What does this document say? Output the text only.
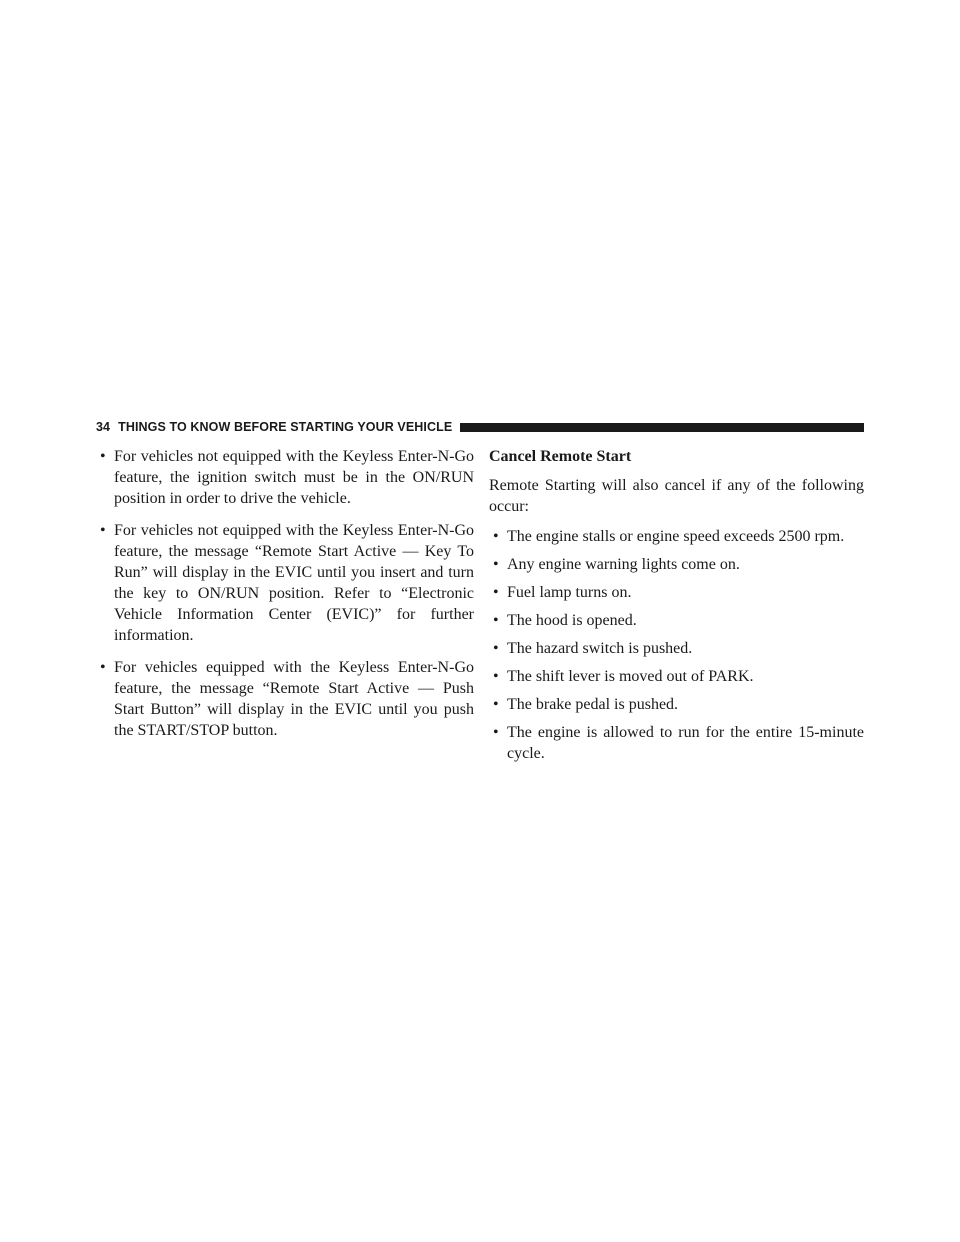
34 THINGS TO KNOW BEFORE STARTING YOUR VEHICLE
• For vehicles not equipped with the Keyless Enter-N-Go feature, the ignition switch must be in the ON/RUN position in order to drive the vehicle.
• For vehicles not equipped with the Keyless Enter-N-Go feature, the message “Remote Start Active — Key To Run” will display in the EVIC until you insert and turn the key to ON/RUN position. Refer to “Electronic Vehicle Information Center (EVIC)” for further information.
• For vehicles equipped with the Keyless Enter-N-Go feature, the message “Remote Start Active — Push Start Button” will display in the EVIC until you push the START/STOP button.

Cancel Remote Start

Remote Starting will also cancel if any of the following occur:

• The engine stalls or engine speed exceeds 2500 rpm.
• Any engine warning lights come on.
• Fuel lamp turns on.
• The hood is opened.
• The hazard switch is pushed.
• The shift lever is moved out of PARK.
• The brake pedal is pushed.
• The engine is allowed to run for the entire 15-minute cycle.
